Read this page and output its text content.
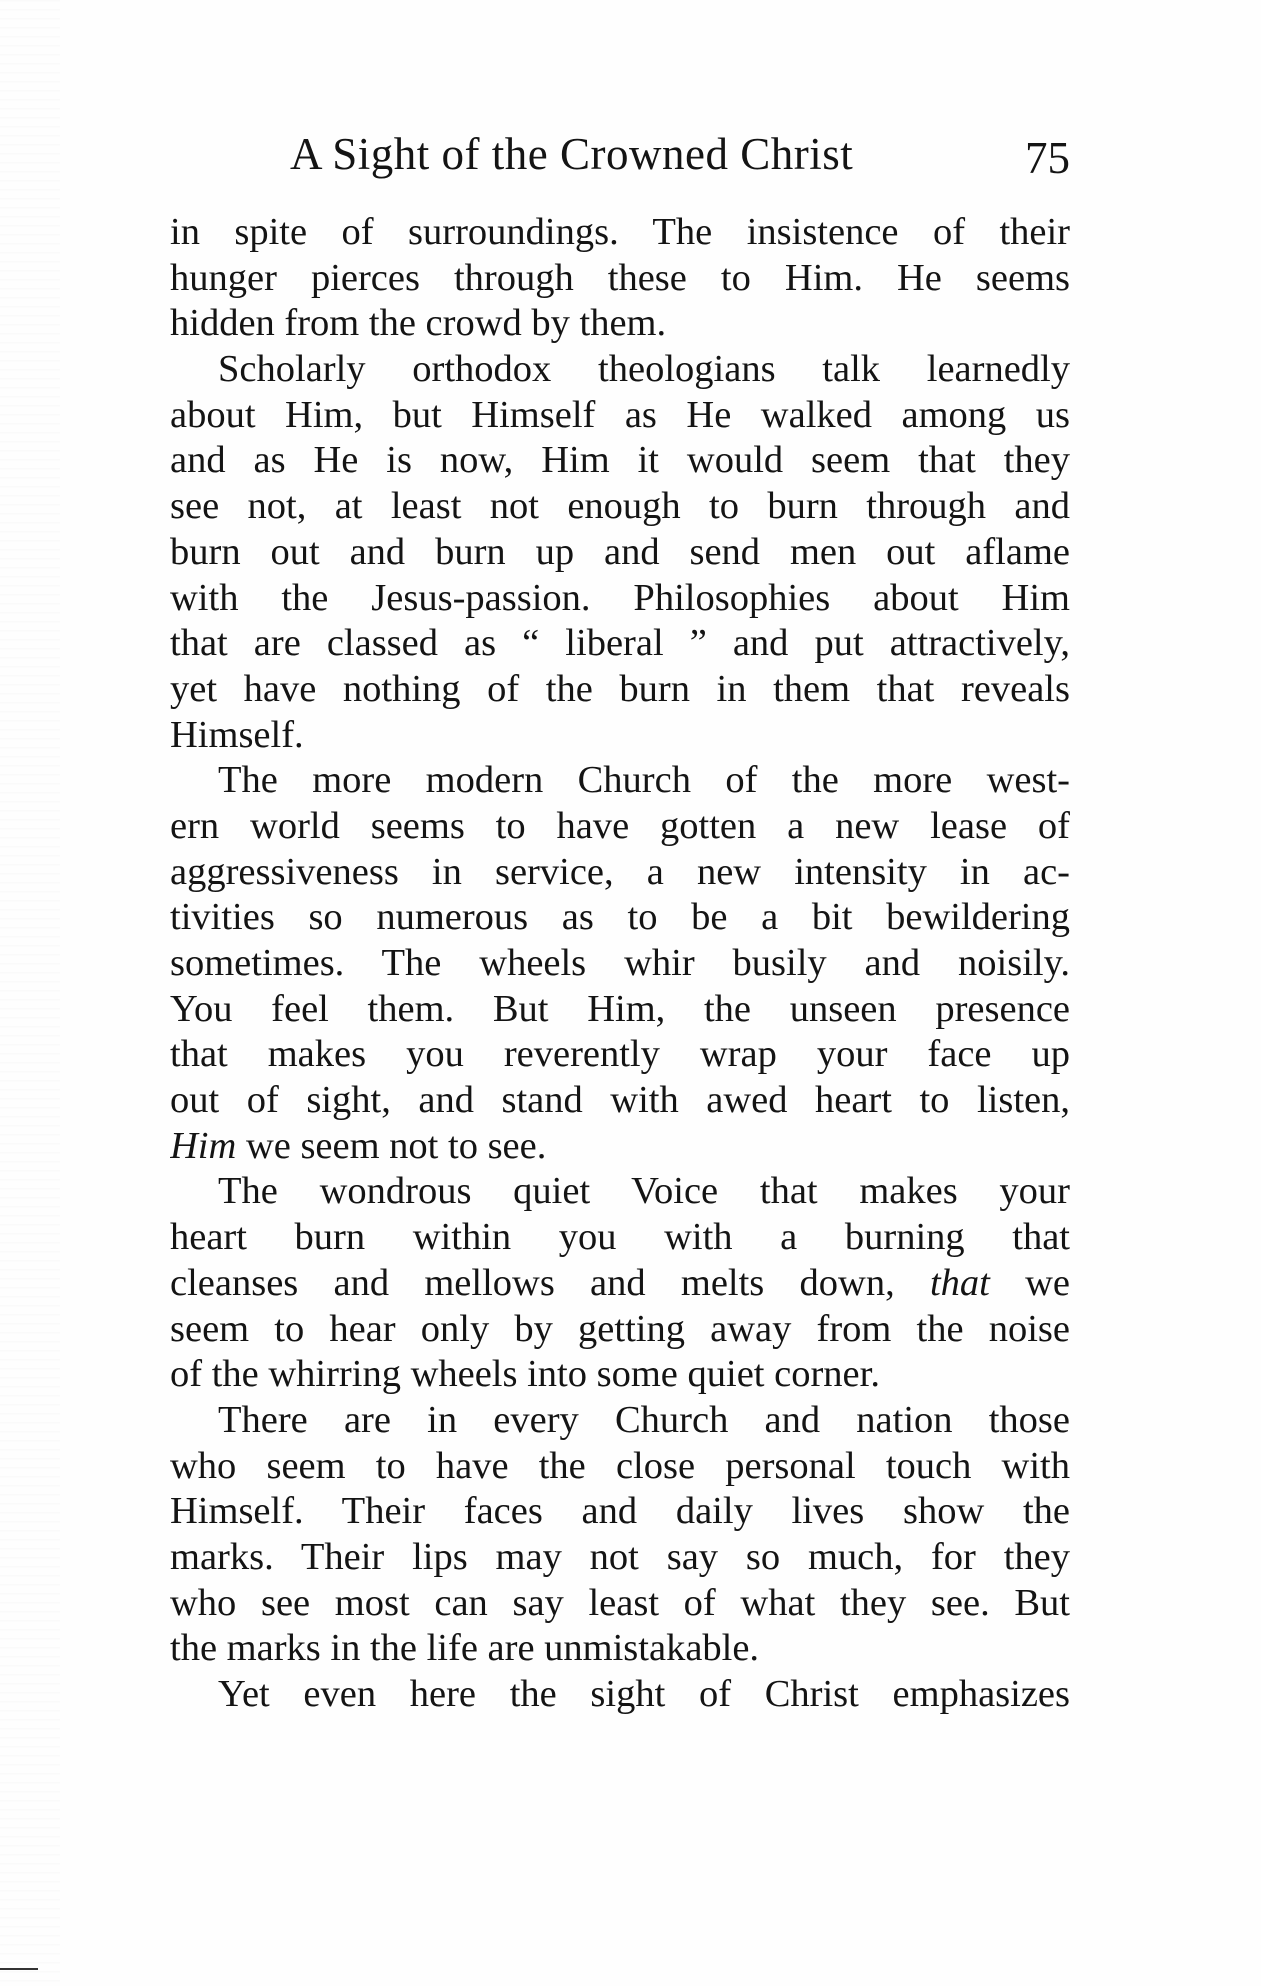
A Sight of the Crowned Christ	75
in spite of surroundings. The insistence of their
hunger pierces through these to Him. He seems
hidden from the crowd by them.
Scholarly orthodox theologians talk learnedly
about Him, but Himself as He walked among us
and as He is now, Him it would seem that they
see not, at least not enough to burn through and
burn out and burn up and send men out aflame
with the Jesus-passion. Philosophies about Him
that are classed as “ liberal ” and put attractively,
yet have nothing of the burn in them that reveals
Himself.
The more modern Church of the more west-
ern world seems to have gotten a new lease of
aggressiveness in service, a new intensity in ac-
tivities so numerous as to be a bit bewildering
sometimes. The wheels whir busily and noisily.
You feel them. But Him, the unseen presence
that makes you reverently wrap your face up
out of sight, and stand with awed heart to listen,
Him we seem not to see.
The wondrous quiet Voice that makes your
heart burn within you with a burning that
cleanses and mellows and melts down, that we
seem to hear only by getting away from the noise
of the whirring wheels into some quiet corner.
There are in every Church and nation those
who seem to have the close personal touch with
Himself. Their faces and daily lives show the
marks. Their lips may not say so much, for they
who see most can say least of what they see. But
the marks in the life are unmistakable.
Yet even here the sight of Christ emphasizes
